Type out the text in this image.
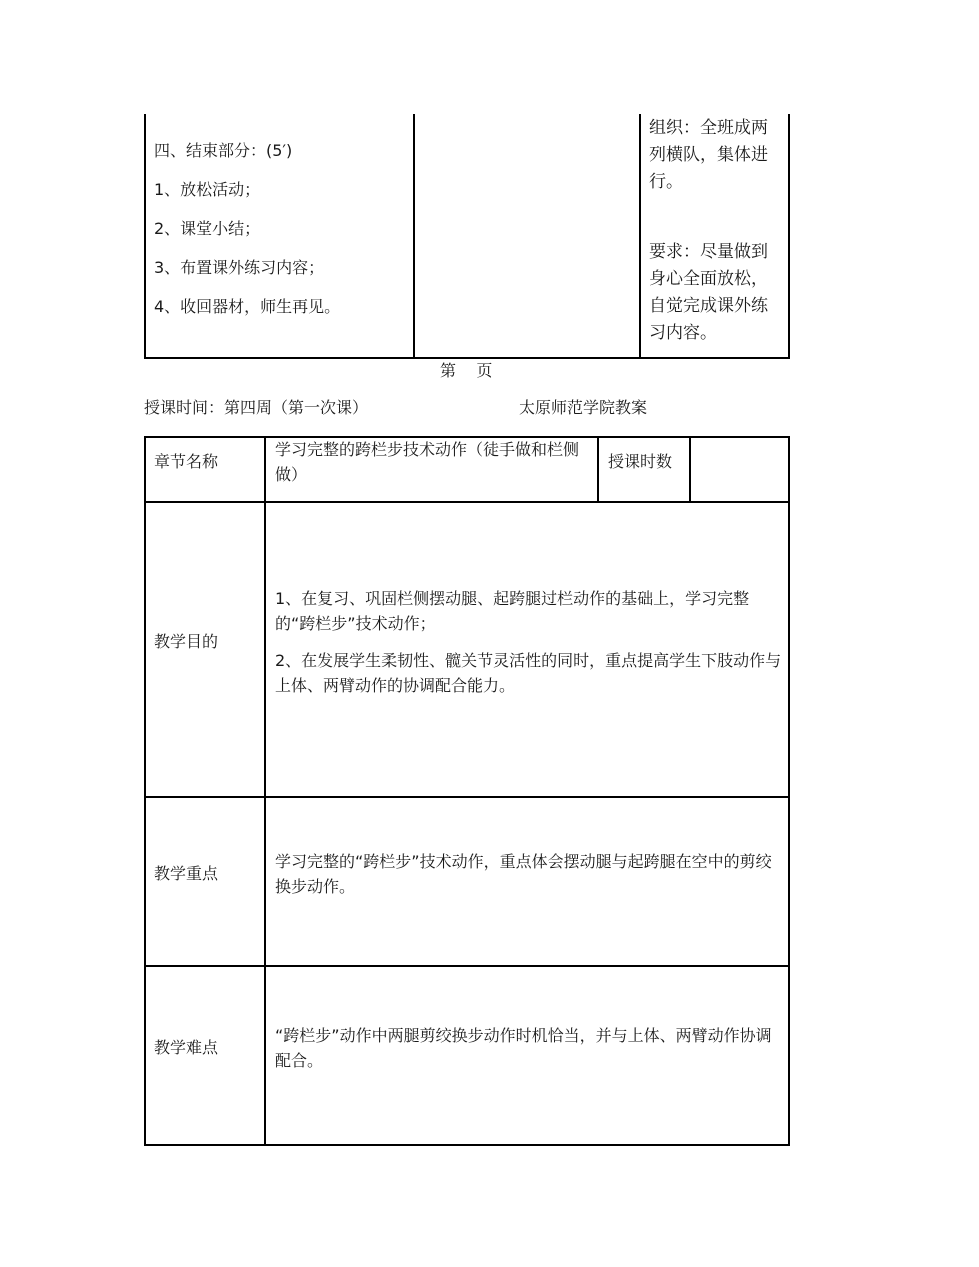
四、结束部分：(5′)
1、放松活动；
2、课堂小结；
3、布置课外练习内容；
4、收回器材，师生再见。
组织：全班成两列横队，集体进行。
要求：尽量做到身心全面放松，自觉完成课外练习内容。
第    页
授课时间：第四周（第一次课）	太原师范学院教案
章节名称
学习完整的跨栏步技术动作（徒手做和栏侧做）
授课时数
教学目的

1、在复习、巩固栏侧摆动腿、起跨腿过栏动作的基础上，学习完整的“跨栏步”技术动作；

2、在发展学生柔韧性、髋关节灵活性的同时，重点提高学生下肢动作与上体、两臂动作的协调配合能力。

教学重点
学习完整的“跨栏步”技术动作，重点体会摆动腿与起跨腿在空中的剪绞换步动作。
教学难点
“跨栏步”动作中两腿剪绞换步动作时机恰当，并与上体、两臂动作协调配合。
